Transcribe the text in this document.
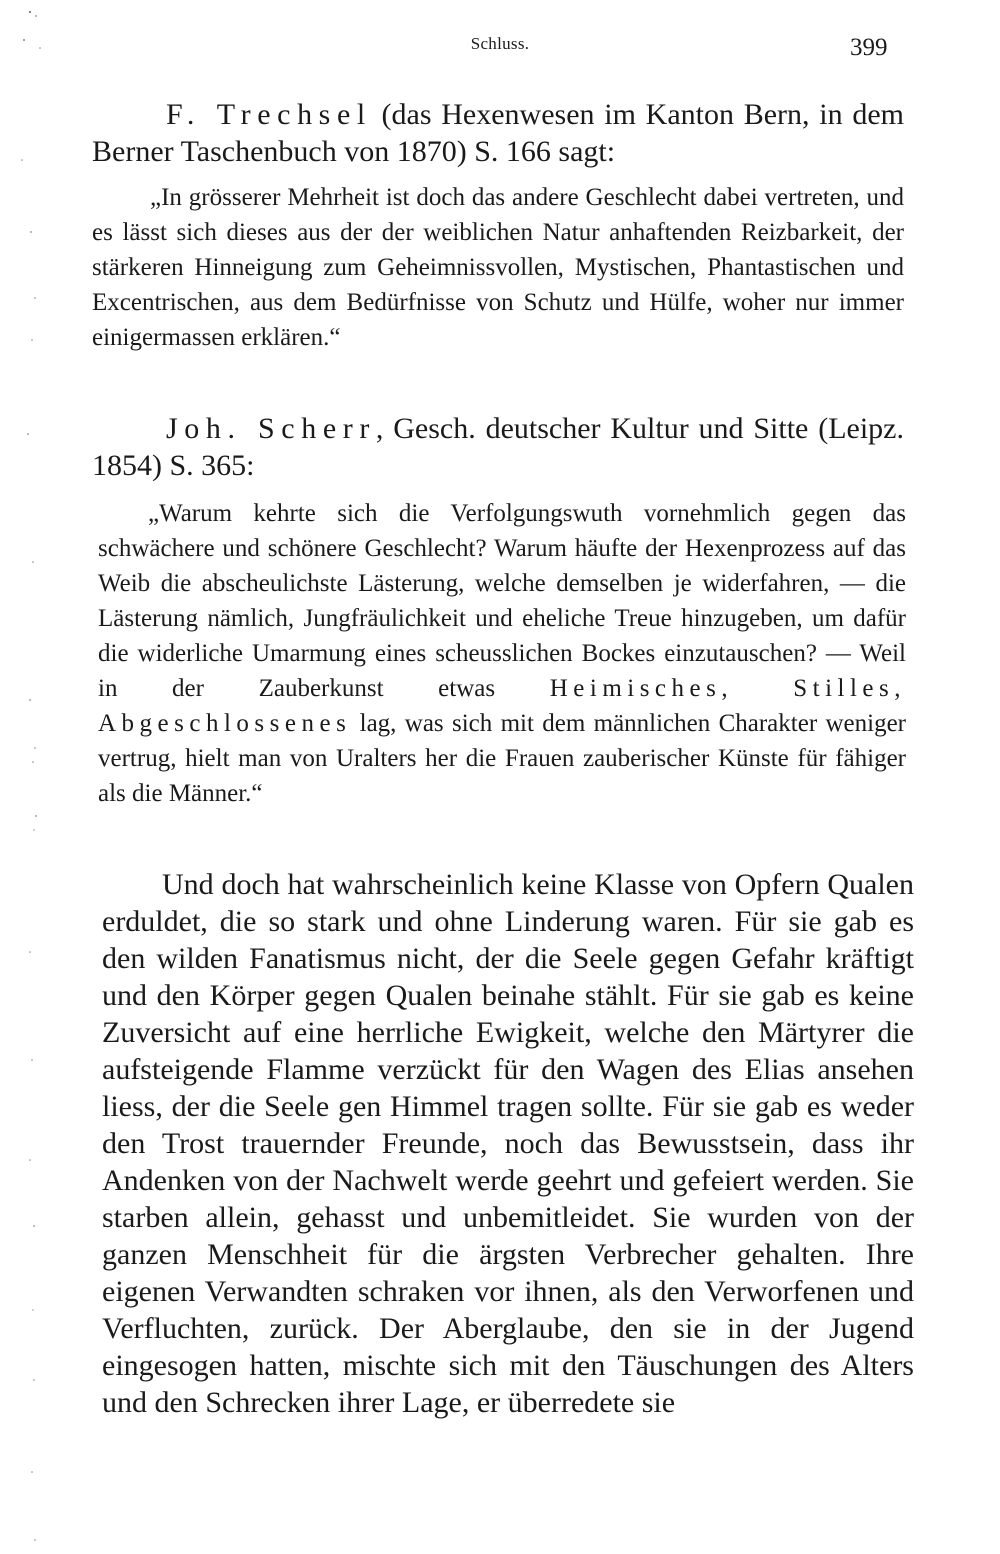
Schluss.	399

F. Trechsel (das Hexenwesen im Kanton Bern, in dem Berner Taschenbuch von 1870) S. 166 sagt:

„In grösserer Mehrheit ist doch das andere Geschlecht dabei vertreten, und es lässt sich dieses aus der der weiblichen Natur anhaftenden Reizbarkeit, der stärkeren Hinneigung zum Geheimnissvollen, Mystischen, Phantastischen und Excentrischen, aus dem Bedürfnisse von Schutz und Hülfe, woher nur immer einigermassen erklären.“

Joh. Scherr, Gesch. deutscher Kultur und Sitte (Leipz. 1854) S. 365:

„Warum kehrte sich die Verfolgungswuth vornehmlich gegen das schwächere und schönere Geschlecht? Warum häufte der Hexenprozess auf das Weib die abscheulichste Lästerung, welche demselben je widerfahren, — die Lästerung nämlich, Jungfräulichkeit und eheliche Treue hinzugeben, um dafür die widerliche Umarmung eines scheusslichen Bockes einzutauschen? — Weil in der Zauberkunst etwas Heimisches, Stilles, Abgeschlossenes lag, was sich mit dem männlichen Charakter weniger vertrug, hielt man von Uralters her die Frauen zauberischer Künste für fähiger als die Männer.“

Und doch hat wahrscheinlich keine Klasse von Opfern Qualen erduldet, die so stark und ohne Linderung waren. Für sie gab es den wilden Fanatismus nicht, der die Seele gegen Gefahr kräftigt und den Körper gegen Qualen beinahe stählt. Für sie gab es keine Zuversicht auf eine herrliche Ewigkeit, welche den Märtyrer die aufsteigende Flamme verzückt für den Wagen des Elias ansehen liess, der die Seele gen Himmel tragen sollte. Für sie gab es weder den Trost trauernder Freunde, noch das Bewusstsein, dass ihr Andenken von der Nachwelt werde geehrt und gefeiert werden. Sie starben allein, gehasst und unbemitleidet. Sie wurden von der ganzen Menschheit für die ärgsten Verbrecher gehalten. Ihre eigenen Verwandten schraken vor ihnen, als den Verworfenen und Verfluchten, zurück. Der Aberglaube, den sie in der Jugend eingesogen hatten, mischte sich mit den Täuschungen des Alters und den Schrecken ihrer Lage, er überredete sie
